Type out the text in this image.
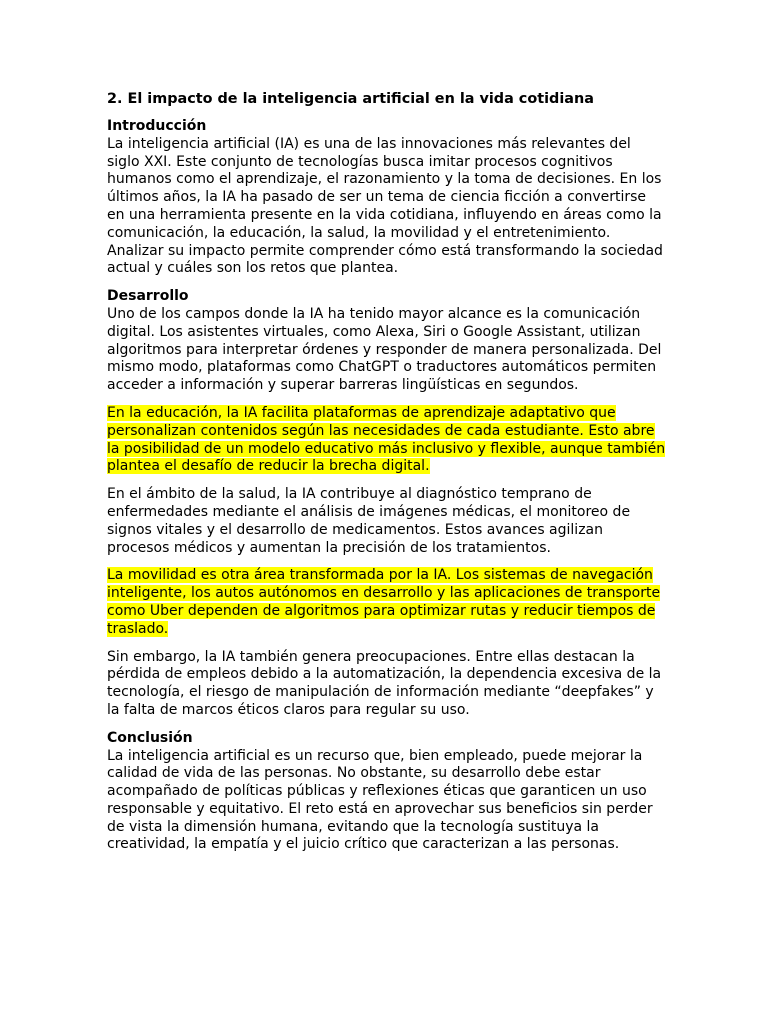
2. El impacto de la inteligencia artificial en la vida cotidiana
Introducción

La inteligencia artificial (IA) es una de las innovaciones más relevantes del siglo XXI. Este conjunto de tecnologías busca imitar procesos cognitivos humanos como el aprendizaje, el razonamiento y la toma de decisiones. En los últimos años, la IA ha pasado de ser un tema de ciencia ficción a convertirse en una herramienta presente en la vida cotidiana, influyendo en áreas como la comunicación, la educación, la salud, la movilidad y el entretenimiento. Analizar su impacto permite comprender cómo está transformando la sociedad actual y cuáles son los retos que plantea.

Desarrollo

Uno de los campos donde la IA ha tenido mayor alcance es la comunicación digital. Los asistentes virtuales, como Alexa, Siri o Google Assistant, utilizan algoritmos para interpretar órdenes y responder de manera personalizada. Del mismo modo, plataformas como ChatGPT o traductores automáticos permiten acceder a información y superar barreras lingüísticas en segundos.

En la educación, la IA facilita plataformas de aprendizaje adaptativo que personalizan contenidos según las necesidades de cada estudiante. Esto abre la posibilidad de un modelo educativo más inclusivo y flexible, aunque también plantea el desafío de reducir la brecha digital.

En el ámbito de la salud, la IA contribuye al diagnóstico temprano de enfermedades mediante el análisis de imágenes médicas, el monitoreo de signos vitales y el desarrollo de medicamentos. Estos avances agilizan procesos médicos y aumentan la precisión de los tratamientos.

La movilidad es otra área transformada por la IA. Los sistemas de navegación inteligente, los autos autónomos en desarrollo y las aplicaciones de transporte como Uber dependen de algoritmos para optimizar rutas y reducir tiempos de traslado.

Sin embargo, la IA también genera preocupaciones. Entre ellas destacan la pérdida de empleos debido a la automatización, la dependencia excesiva de la tecnología, el riesgo de manipulación de información mediante “deepfakes” y la falta de marcos éticos claros para regular su uso.

Conclusión

La inteligencia artificial es un recurso que, bien empleado, puede mejorar la calidad de vida de las personas. No obstante, su desarrollo debe estar acompañado de políticas públicas y reflexiones éticas que garanticen un uso responsable y equitativo. El reto está en aprovechar sus beneficios sin perder de vista la dimensión humana, evitando que la tecnología sustituya la creatividad, la empatía y el juicio crítico que caracterizan a las personas.
